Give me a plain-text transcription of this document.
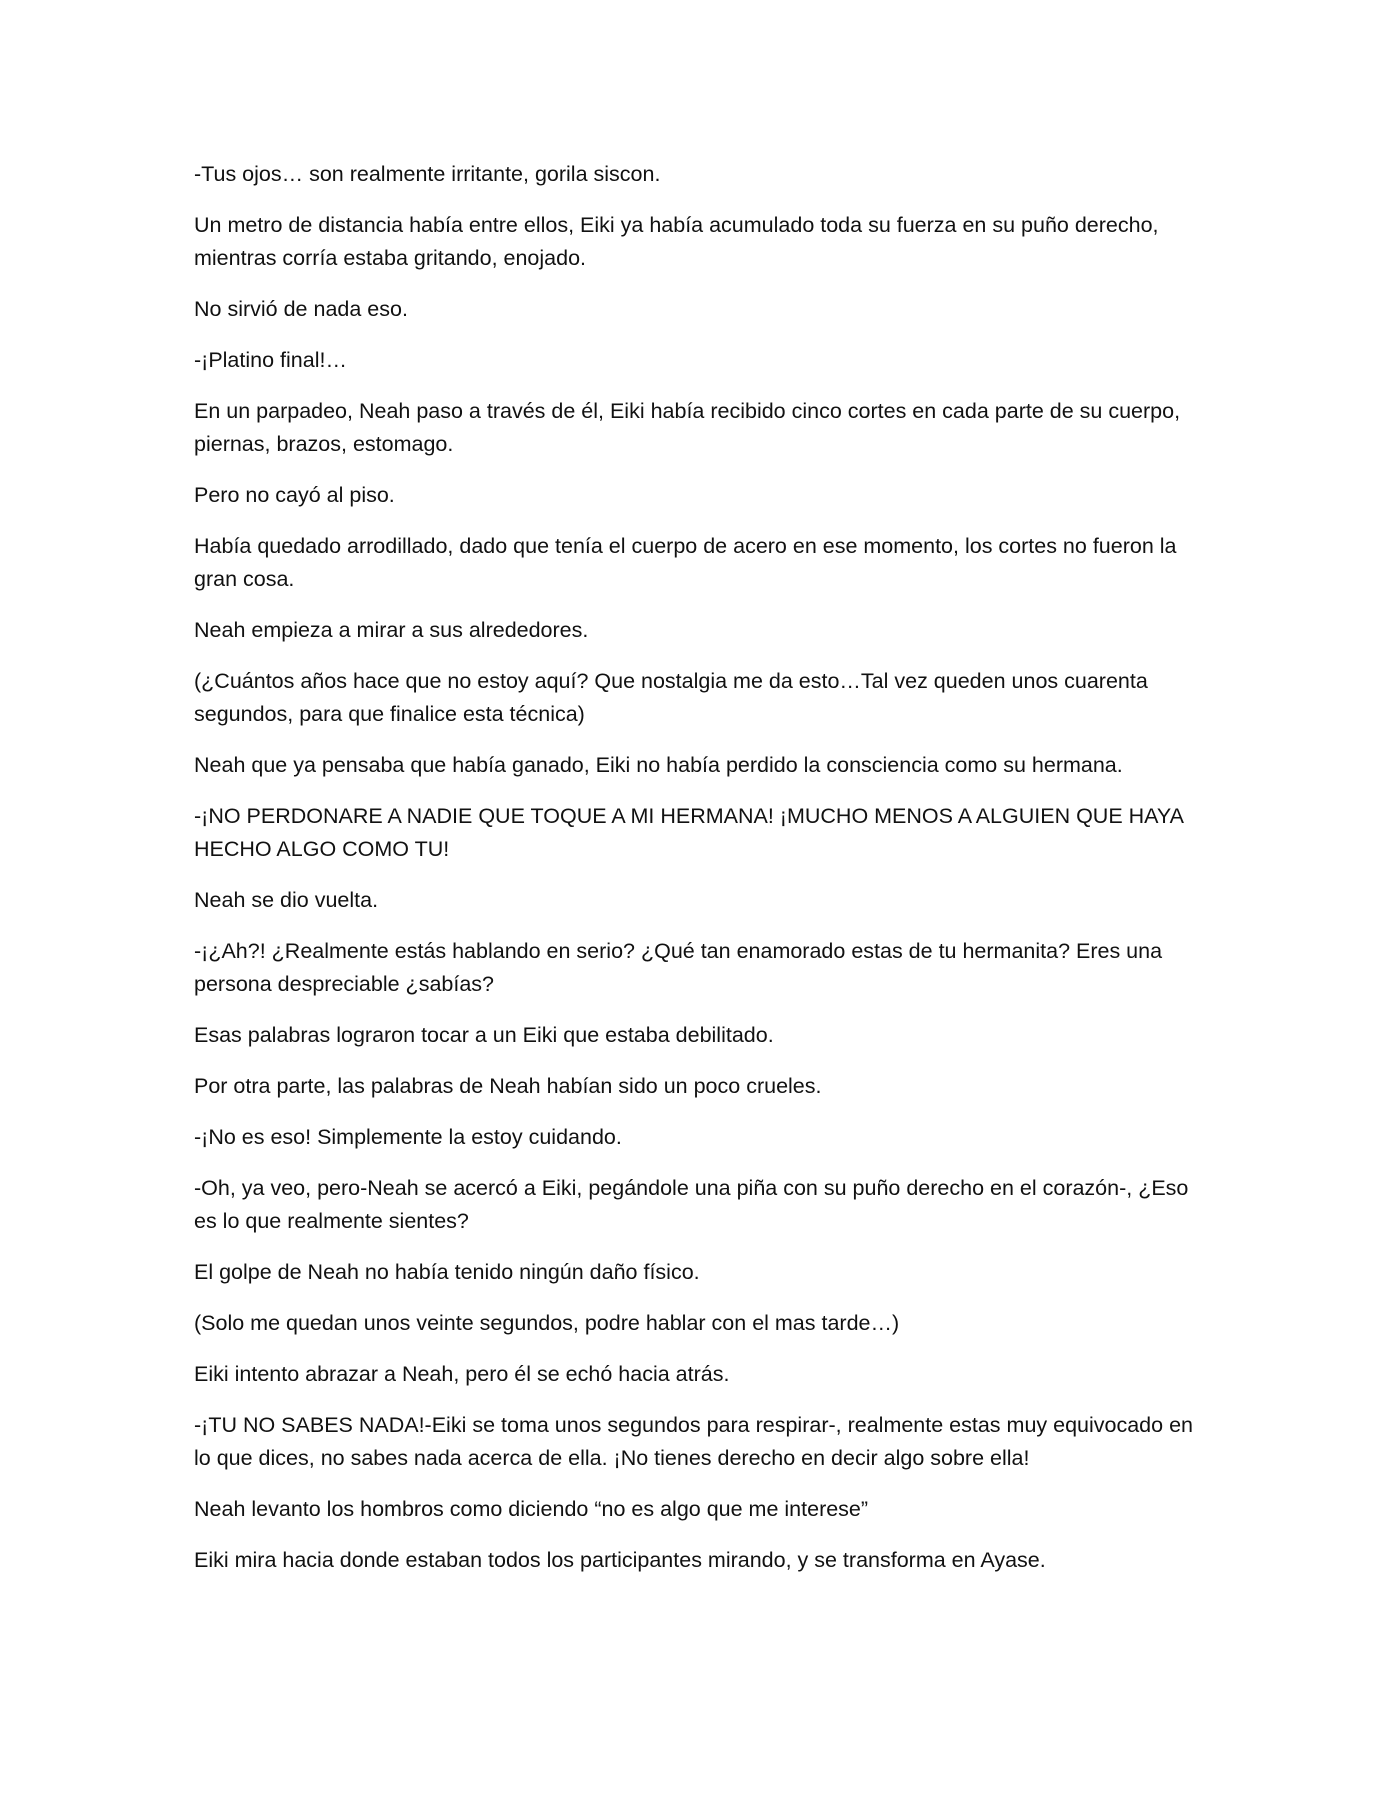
-Tus ojos… son realmente irritante, gorila siscon.

Un metro de distancia había entre ellos, Eiki ya había acumulado toda su fuerza en su puño derecho, mientras corría estaba gritando, enojado.

No sirvió de nada eso.

-¡Platino final!…

En un parpadeo, Neah paso a través de él, Eiki había recibido cinco cortes en cada parte de su cuerpo, piernas, brazos, estomago.

Pero no cayó al piso.

Había quedado arrodillado, dado que tenía el cuerpo de acero en ese momento, los cortes no fueron la gran cosa.

Neah empieza a mirar a sus alrededores.

(¿Cuántos años hace que no estoy aquí? Que nostalgia me da esto…Tal vez queden unos cuarenta segundos, para que finalice esta técnica)

Neah que ya pensaba que había ganado, Eiki no había perdido la consciencia como su hermana.

-¡NO PERDONARE A NADIE QUE TOQUE A MI HERMANA! ¡MUCHO MENOS A ALGUIEN QUE HAYA HECHO ALGO COMO TU!

Neah se dio vuelta.

-¡¿Ah?! ¿Realmente estás hablando en serio? ¿Qué tan enamorado estas de tu hermanita? Eres una persona despreciable ¿sabías?

Esas palabras lograron tocar a un Eiki que estaba debilitado.

Por otra parte, las palabras de Neah habían sido un poco crueles.

-¡No es eso! Simplemente la estoy cuidando.

-Oh, ya veo, pero-Neah se acercó a Eiki, pegándole una piña con su puño derecho en el corazón-, ¿Eso es lo que realmente sientes?

El golpe de Neah no había tenido ningún daño físico.

(Solo me quedan unos veinte segundos, podre hablar con el mas tarde…)

Eiki intento abrazar a Neah, pero él se echó hacia atrás.

-¡TU NO SABES NADA!-Eiki se toma unos segundos para respirar-, realmente estas muy equivocado en lo que dices, no sabes nada acerca de ella. ¡No tienes derecho en decir algo sobre ella!

Neah levanto los hombros como diciendo “no es algo que me interese”

Eiki mira hacia donde estaban todos los participantes mirando, y se transforma en Ayase.
